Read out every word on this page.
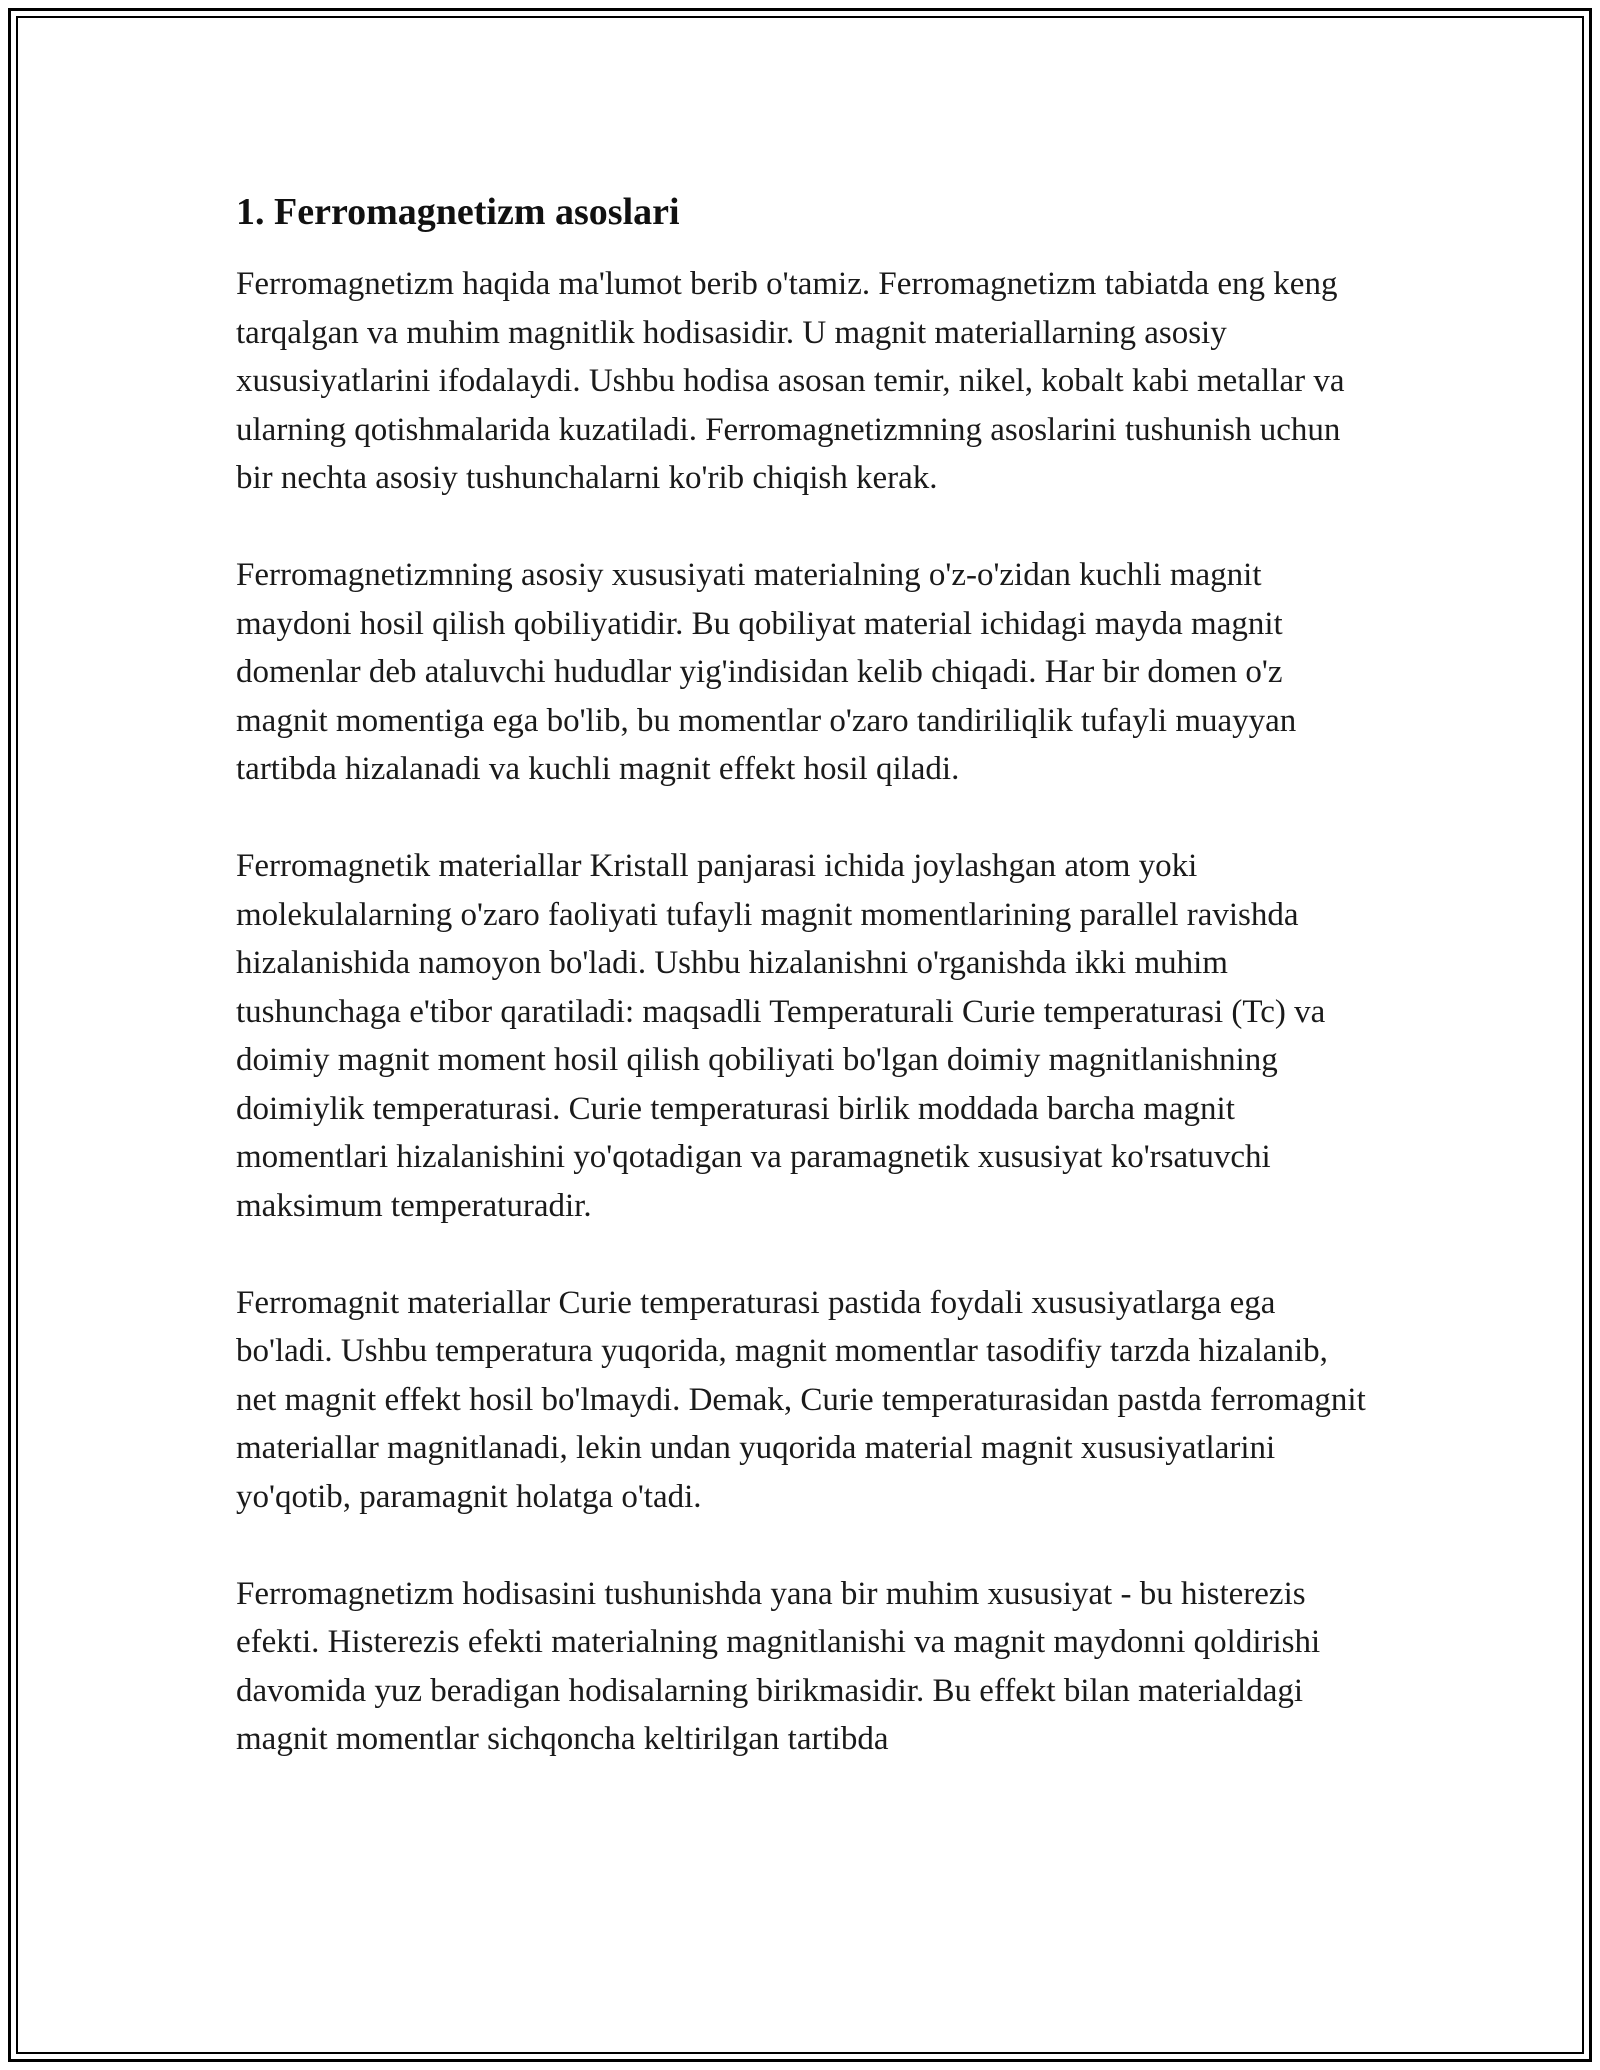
1. Ferromagnetizm asoslari

Ferromagnetizm haqida ma'lumot berib o'tamiz. Ferromagnetizm tabiatda eng keng tarqalgan va muhim magnitlik hodisasidir. U magnit materiallarning asosiy xususiyatlarini ifodalaydi. Ushbu hodisa asosan temir, nikel, kobalt kabi metallar va ularning qotishmalarida kuzatiladi. Ferromagnetizmning asoslarini tushunish uchun bir nechta asosiy tushunchalarni ko'rib chiqish kerak.

Ferromagnetizmning asosiy xususiyati materialning o'z-o'zidan kuchli magnit maydoni hosil qilish qobiliyatidir. Bu qobiliyat material ichidagi mayda magnit domenlar deb ataluvchi hududlar yig'indisidan kelib chiqadi. Har bir domen o'z magnit momentiga ega bo'lib, bu momentlar o'zaro tandiriliqlik tufayli muayyan tartibda hizalanadi va kuchli magnit effekt hosil qiladi.

Ferromagnetik materiallar Kristall panjarasi ichida joylashgan atom yoki molekulalarning o'zaro faoliyati tufayli magnit momentlarining parallel ravishda hizalanishida namoyon bo'ladi. Ushbu hizalanishni o'rganishda ikki muhim tushunchaga e'tibor qaratiladi: maqsadli Temperaturali Curie temperaturasi (Tc) va doimiy magnit moment hosil qilish qobiliyati bo'lgan doimiy magnitlanishning doimiylik temperaturasi. Curie temperaturasi birlik moddada barcha magnit momentlari hizalanishini yo'qotadigan va paramagnetik xususiyat ko'rsatuvchi maksimum temperaturadir.

Ferromagnit materiallar Curie temperaturasi pastida foydali xususiyatlarga ega bo'ladi. Ushbu temperatura yuqorida, magnit momentlar tasodifiy tarzda hizalanib, net magnit effekt hosil bo'lmaydi. Demak, Curie temperaturasidan pastda ferromagnit materiallar magnitlanadi, lekin undan yuqorida material magnit xususiyatlarini yo'qotib, paramagnit holatga o'tadi.

Ferromagnetizm hodisasini tushunishda yana bir muhim xususiyat - bu histerezis efekti. Histerezis efekti materialning magnitlanishi va magnit maydonni qoldirishi davomida yuz beradigan hodisalarning birikmasidir. Bu effekt bilan materialdagi magnit momentlar sichqoncha keltirilgan tartibda
